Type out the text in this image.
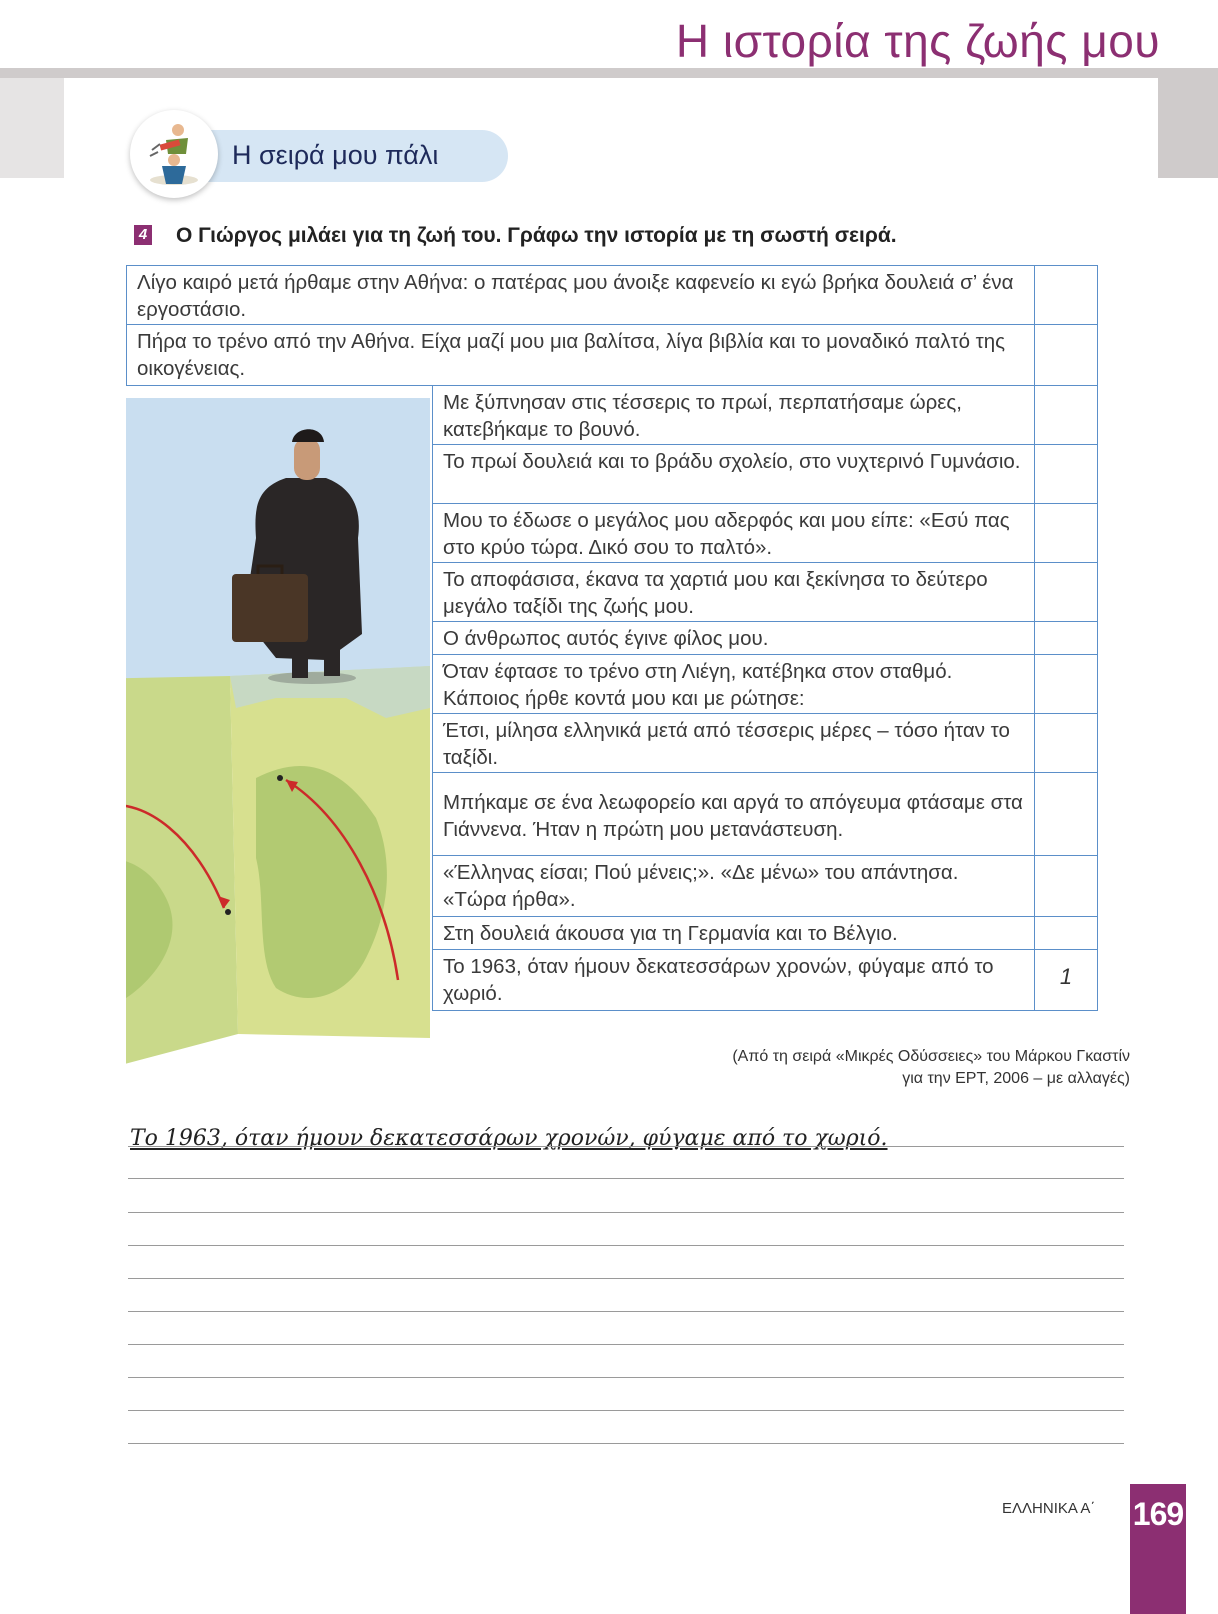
Η ιστορία της ζωής μου
Η σειρά μου πάλι
4 Ο Γιώργος μιλάει για τη ζωή του. Γράφω την ιστορία με τη σωστή σειρά.
Λίγο καιρό μετά ήρθαμε στην Αθήνα: ο πατέρας μου άνοιξε καφενείο κι εγώ βρήκα δουλειά σ’ ένα εργοστάσιο.
Πήρα το τρένο από την Αθήνα. Είχα μαζί μου μια βαλίτσα, λίγα βιβλία και το μοναδικό παλτό της οικογένειας.
Με ξύπνησαν στις τέσσερις το πρωί, περπατήσαμε ώρες, κατεβήκαμε το βουνό.
Το πρωί δουλειά και το βράδυ σχολείο, στο νυχτερινό Γυμνάσιο.
Μου το έδωσε ο μεγάλος μου αδερφός και μου είπε: «Εσύ πας στο κρύο τώρα. Δικό σου το παλτό».
Το αποφάσισα, έκανα τα χαρτιά μου και ξεκίνησα το δεύτερο μεγάλο ταξίδι της ζωής μου.
Ο άνθρωπος αυτός έγινε φίλος μου.
Όταν έφτασε το τρένο στη Λιέγη, κατέβηκα στον σταθμό. Κάποιος ήρθε κοντά μου και με ρώτησε:
Έτσι, μίλησα ελληνικά μετά από τέσσερις μέρες – τόσο ήταν το ταξίδι.
Μπήκαμε σε ένα λεωφορείο και αργά το απόγευμα φτάσαμε στα Γιάννενα. Ήταν η πρώτη μου μετανάστευση.
«Έλληνας είσαι; Πού μένεις;». «Δε μένω» του απάντησα. «Τώρα ήρθα».
Στη δουλειά άκουσα για τη Γερμανία και το Βέλγιο.
Το 1963, όταν ήμουν δεκατεσσάρων χρονών, φύγαμε από το χωριό.
1
(Από τη σειρά «Μικρές Οδύσσειες» του Μάρκου Γκαστίν
για την ΕΡΤ, 2006 – με αλλαγές)
Το 1963, όταν ήμουν δεκατεσσάρων χρονών, φύγαμε από το χωριό.
ΕΛΛΗΝΙΚΑ Α΄ 169
